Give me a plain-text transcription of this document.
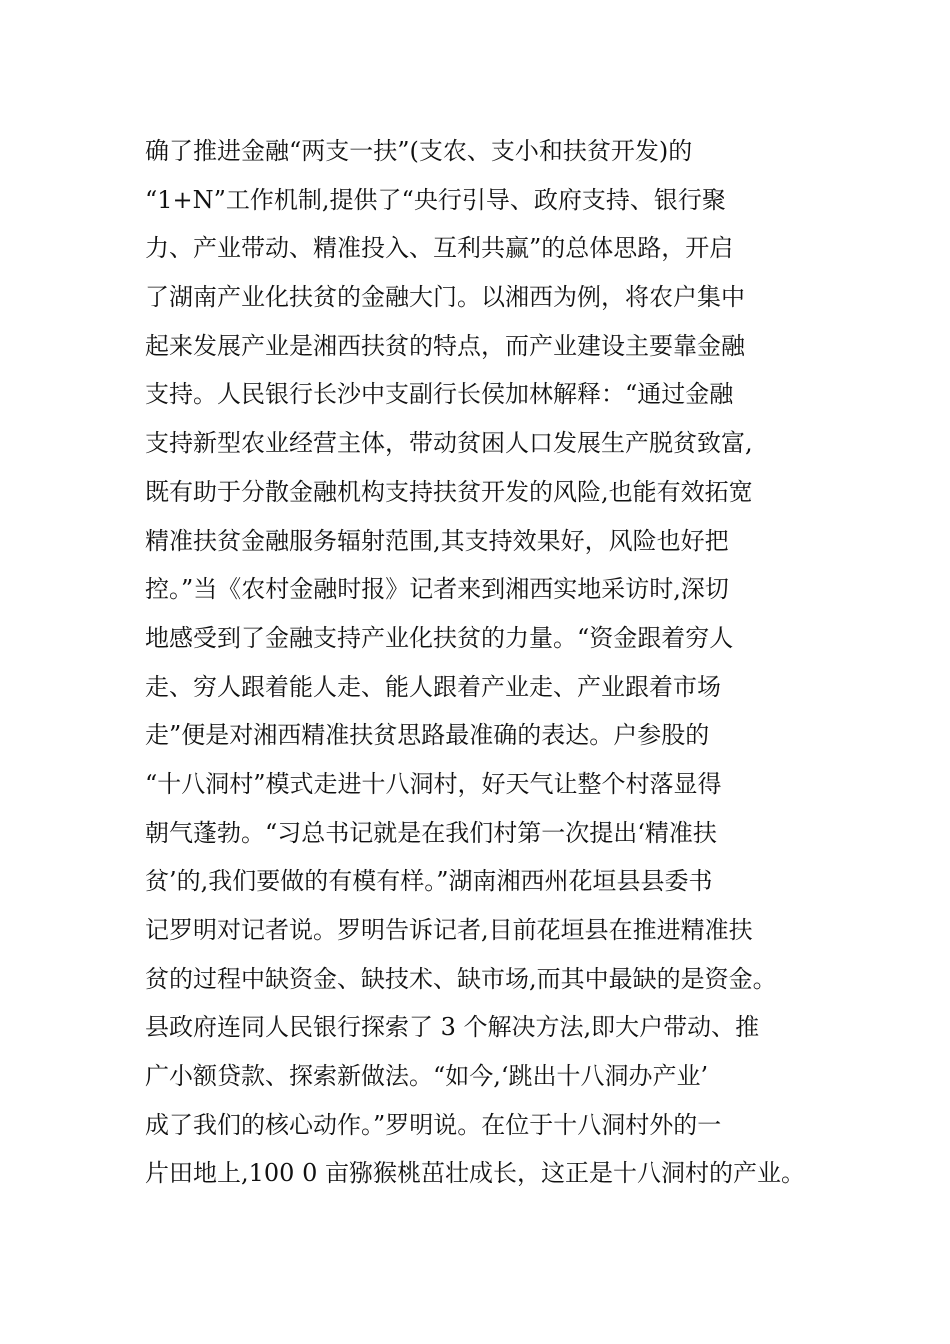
确了推进金融“两支一扶”(支农、支小和扶贫开发)的
“1+N”工作机制,提供了“央行引导、政府支持、银行聚
力、产业带动、精准投入、互利共赢”的总体思路，开启
了湖南产业化扶贫的金融大门。以湘西为例，将农户集中
起来发展产业是湘西扶贫的特点，而产业建设主要靠金融
支持。人民银行长沙中支副行长侯加林解释：“通过金融
支持新型农业经营主体，带动贫困人口发展生产脱贫致富,
既有助于分散金融机构支持扶贫开发的风险,也能有效拓宽
精准扶贫金融服务辐射范围,其支持效果好，风险也好把
控。”当《农村金融时报》记者来到湘西实地采访时,深切
地感受到了金融支持产业化扶贫的力量。“资金跟着穷人
走、穷人跟着能人走、能人跟着产业走、产业跟着市场
走”便是对湘西精准扶贫思路最准确的表达。户参股的
“十八洞村”模式走进十八洞村，好天气让整个村落显得
朝气蓬勃。“习总书记就是在我们村第一次提出‘精准扶
贫’的,我们要做的有模有样。”湖南湘西州花垣县县委书
记罗明对记者说。罗明告诉记者,目前花垣县在推进精准扶
贫的过程中缺资金、缺技术、缺市场,而其中最缺的是资金。
县政府连同人民银行探索了 3 个解决方法,即大户带动、推
广小额贷款、探索新做法。“如今,‘跳出十八洞办产业’
成了我们的核心动作。”罗明说。在位于十八洞村外的一
片田地上,100 0 亩猕猴桃茁壮成长，这正是十八洞村的产业。
